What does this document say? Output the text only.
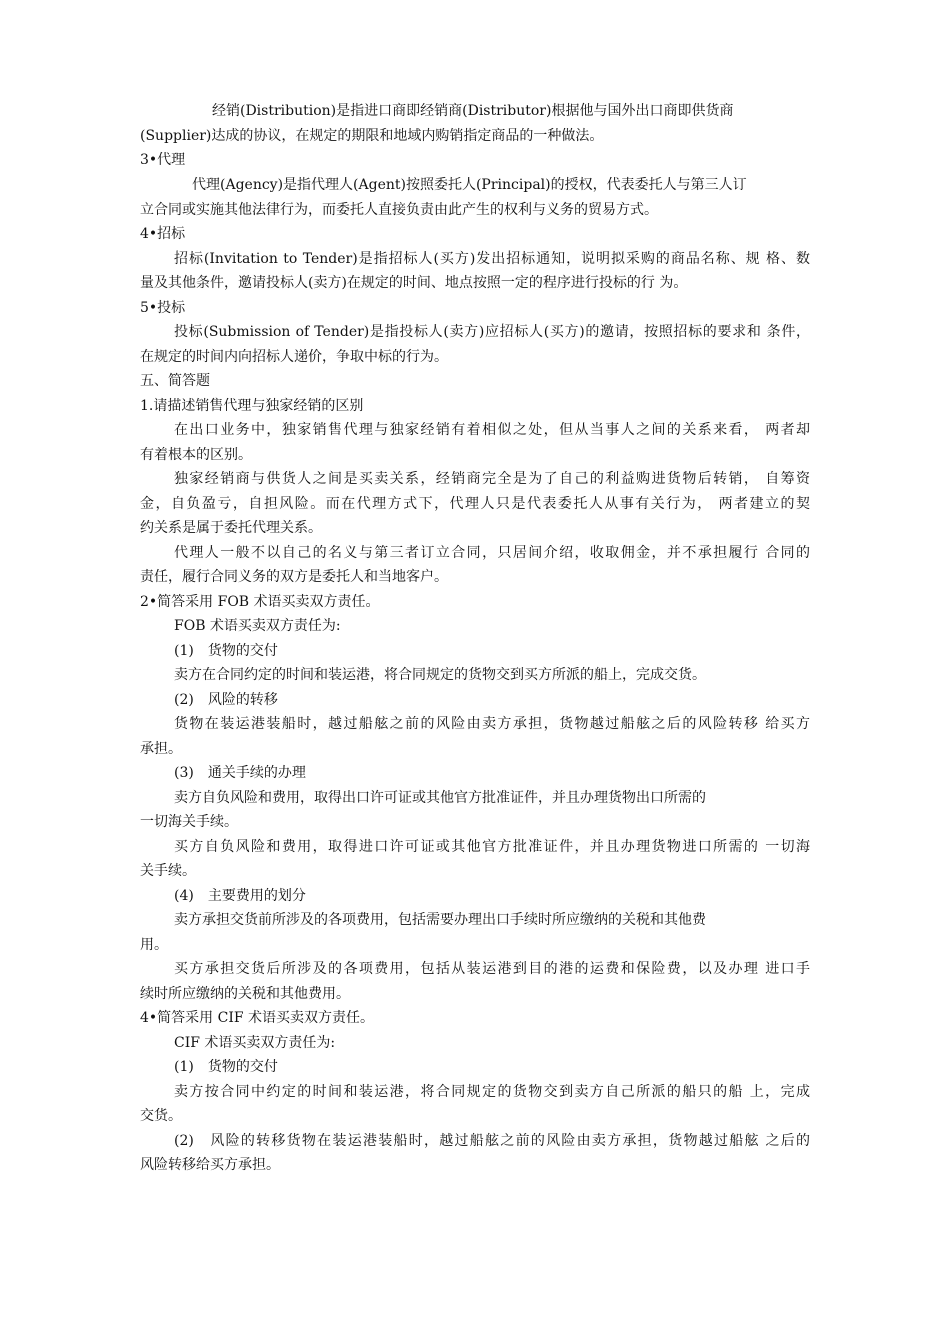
经销(Distribution)是指进口商即经销商(Distributor)根据他与国外出口商即供货商

(Supplier)达成的协议，在规定的期限和地域内购销指定商品的一种做法。

3•代理

代理(Agency)是指代理人(Agent)按照委托人(Principal)的授权，代表委托人与第三人订

立合同或实施其他法律行为，而委托人直接负责由此产生的权利与义务的贸易方式。

4•招标

招标(Invitation to Tender)是指招标人(买方)发出招标通知，说明拟采购的商品名称、规 格、数

量及其他条件，邀请投标人(卖方)在规定的时间、地点按照一定的程序进行投标的行 为。

5•投标

投标(Submission of Tender)是指投标人(卖方)应招标人(买方)的邀请，按照招标的要求和 条件，

在规定的时间内向招标人递价，争取中标的行为。

五、简答题

1.请描述销售代理与独家经销的区别

在出口业务中，独家销售代理与独家经销有着相似之处，但从当事人之间的关系来看， 两者却

有着根本的区别。

独家经销商与供货人之间是买卖关系，经销商完全是为了自己的利益购进货物后转销， 自筹资

金，自负盈亏，自担风险。而在代理方式下，代理人只是代表委托人从事有关行为， 两者建立的契

约关系是属于委托代理关系。

代理人一般不以自己的名义与第三者订立合同，只居间介绍，收取佣金，并不承担履行 合同的

责任，履行合同义务的双方是委托人和当地客户。

2•简答采用 FOB 术语买卖双方责任。

FOB 术语买卖双方责任为:

(1)　货物的交付

卖方在合同约定的时间和装运港，将合同规定的货物交到买方所派的船上，完成交货。

(2)　风险的转移

货物在装运港装船时，越过船舷之前的风险由卖方承担，货物越过船舷之后的风险转移 给买方

承担。

(3)　通关手续的办理

卖方自负风险和费用，取得出口许可证或其他官方批准证件，并且办理货物出口所需的

一切海关手续。

买方自负风险和费用，取得进口许可证或其他官方批准证件，并且办理货物进口所需的 一切海

关手续。

(4)　主要费用的划分

卖方承担交货前所涉及的各项费用，包括需要办理出口手续时所应缴纳的关税和其他费

用。

买方承担交货后所涉及的各项费用，包括从装运港到目的港的运费和保险费，以及办理 进口手

续时所应缴纳的关税和其他费用。

4•简答采用 CIF 术语买卖双方责任。

CIF 术语买卖双方责任为:

(1)　货物的交付

卖方按合同中约定的时间和装运港，将合同规定的货物交到卖方自己所派的船只的船 上，完成

交货。

(2)　风险的转移货物在装运港装船时，越过船舷之前的风险由卖方承担，货物越过船舷 之后的

风险转移给买方承担。
